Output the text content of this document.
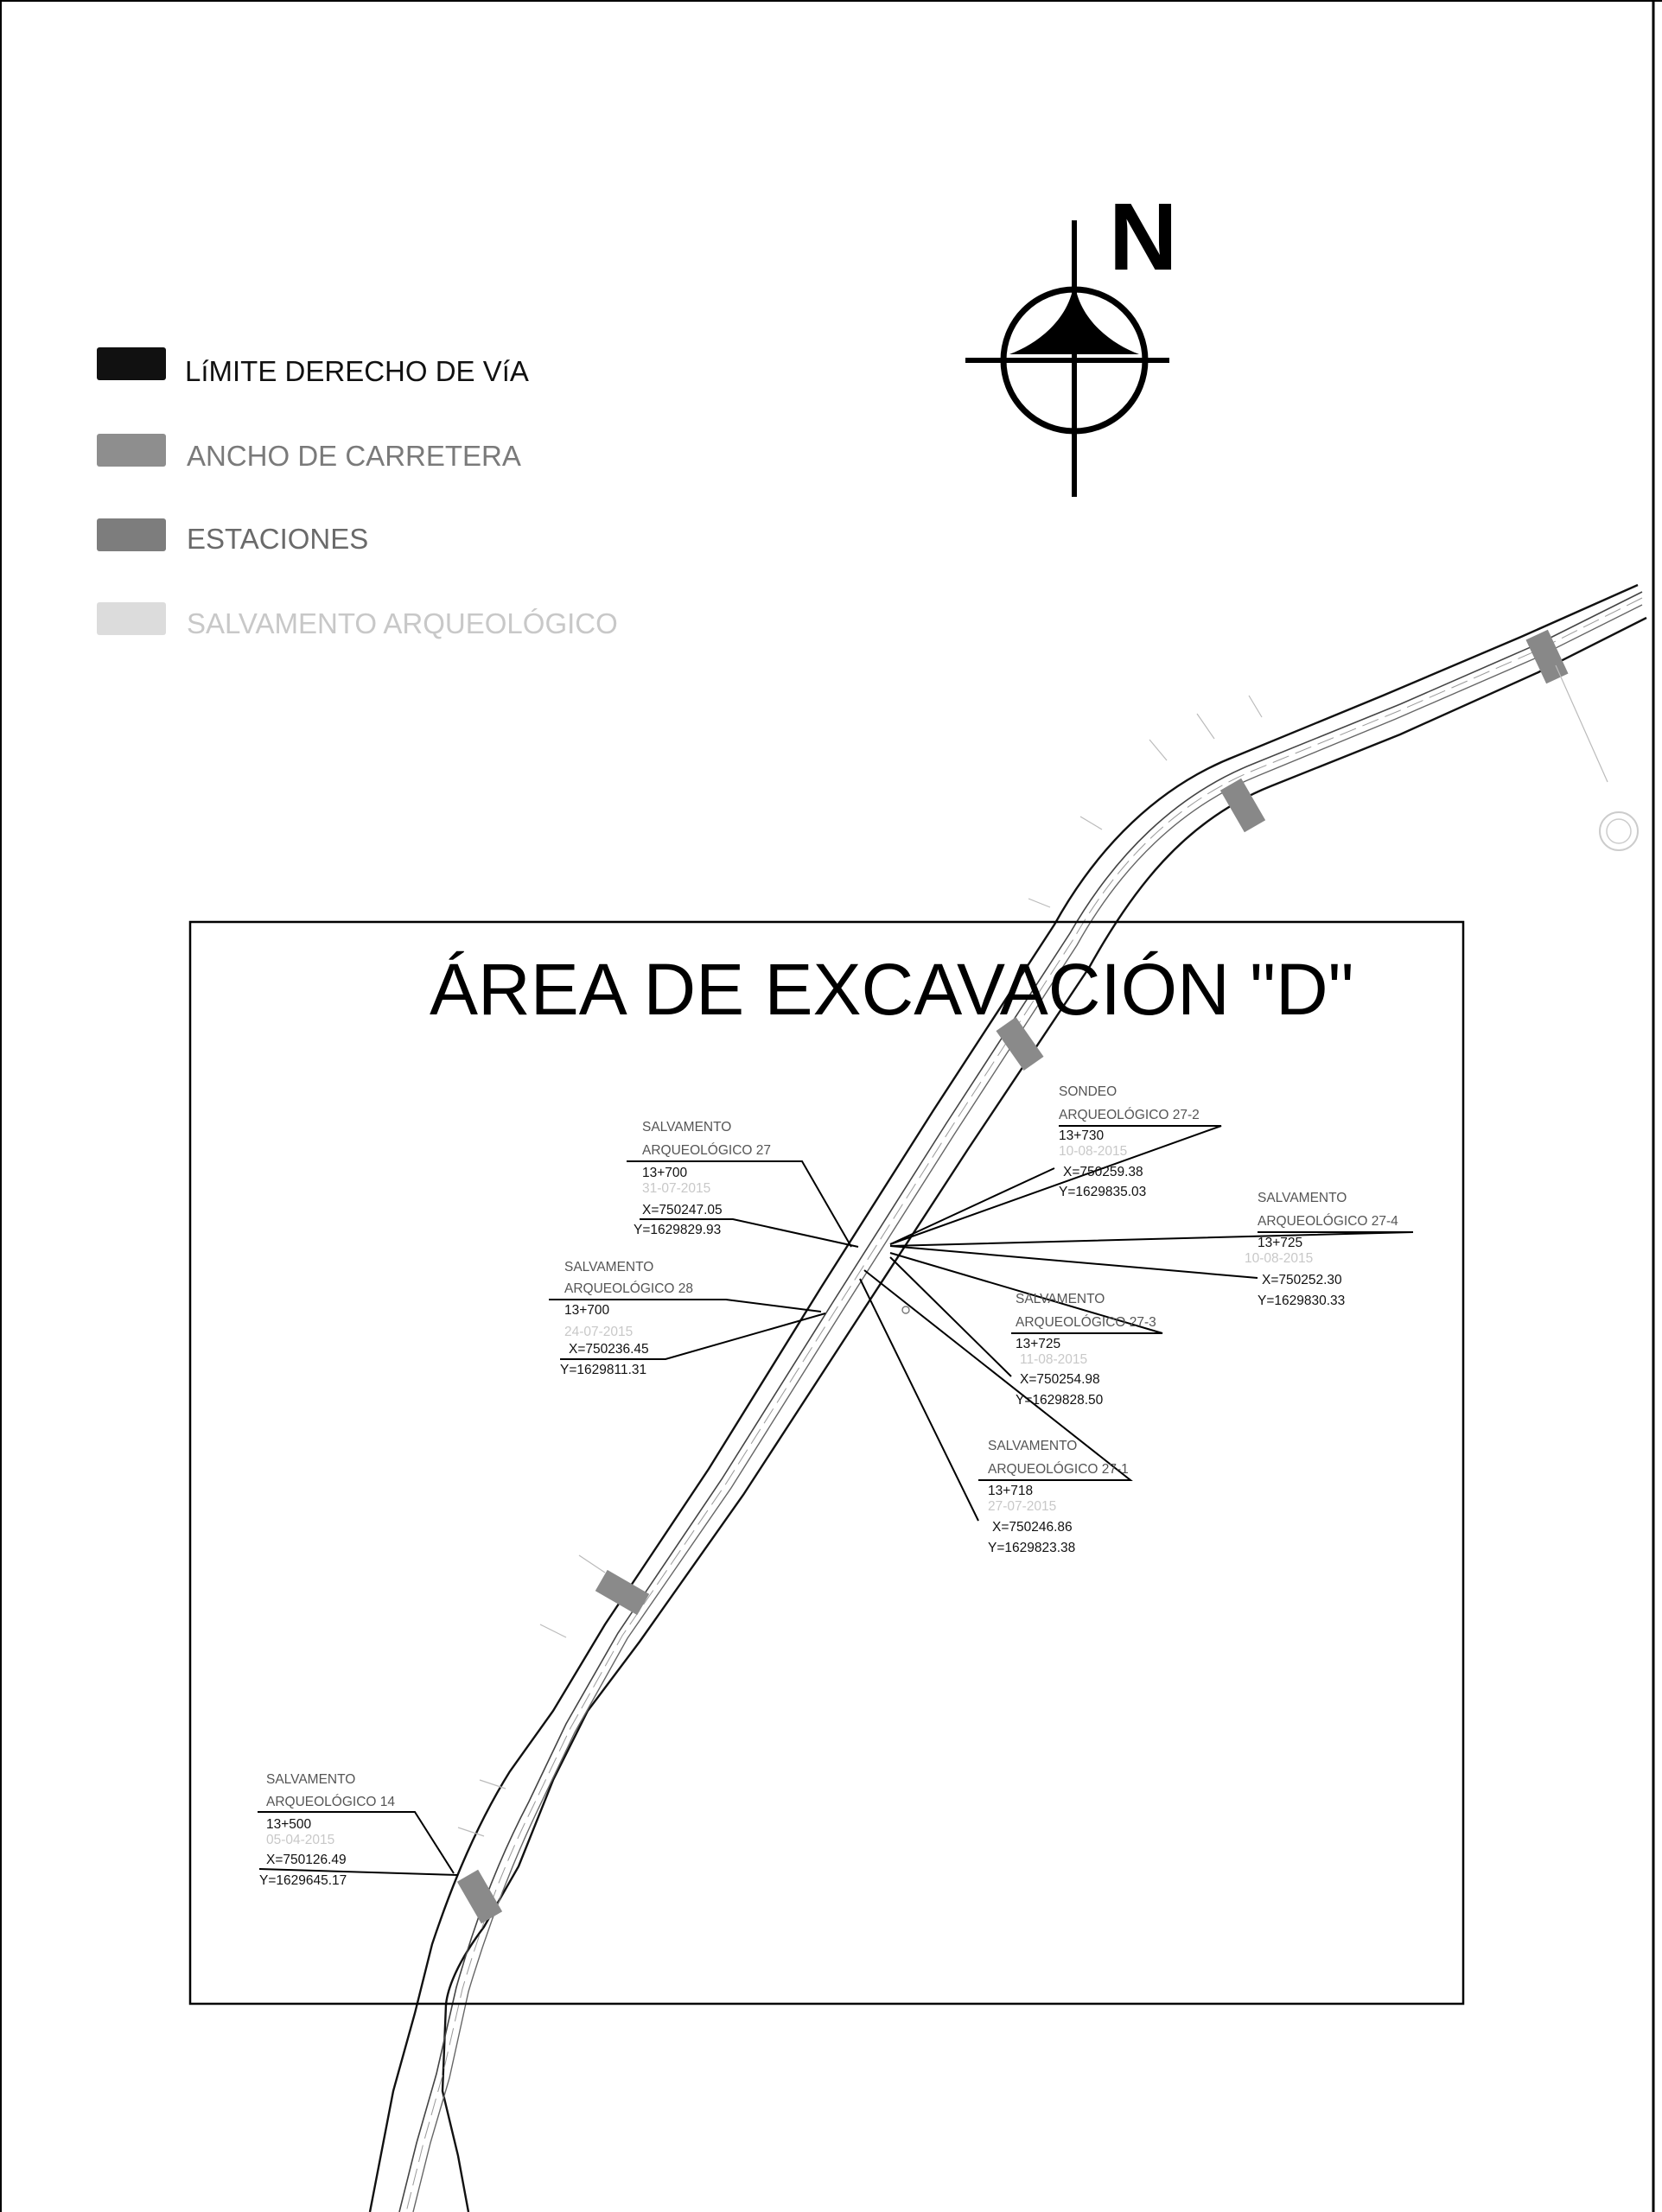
LíMITE DERECHO DE VíA
ANCHO DE CARRETERA
ESTACIONES
SALVAMENTO ARQUEOLÓGICO
N
ÁREA DE EXCAVACIÓN "D"
SALVAMENTO
ARQUEOLÓGICO 27
13+700
31-07-2015
X=750247.05
Y=1629829.93
SALVAMENTO
ARQUEOLÓGICO 28
13+700
24-07-2015
X=750236.45
Y=1629811.31
SONDEO
ARQUEOLÓGICO 27-2
13+730
10-08-2015
X=750259.38
Y=1629835.03	SALVAMENTO
ARQUEOLÓGICO 27-4
13+725
10-08-2015
X=750252.30
Y=1629830.33
SALVAMENTO
ARQUEOLÓGICO 27-3
13+725
11-08-2015
X=750254.98
Y=1629828.50
SALVAMENTO
ARQUEOLÓGICO 27-1
13+718
27-07-2015
X=750246.86
Y=1629823.38
SALVAMENTO
ARQUEOLÓGICO 14
13+500
05-04-2015
X=750126.49
Y=1629645.17
